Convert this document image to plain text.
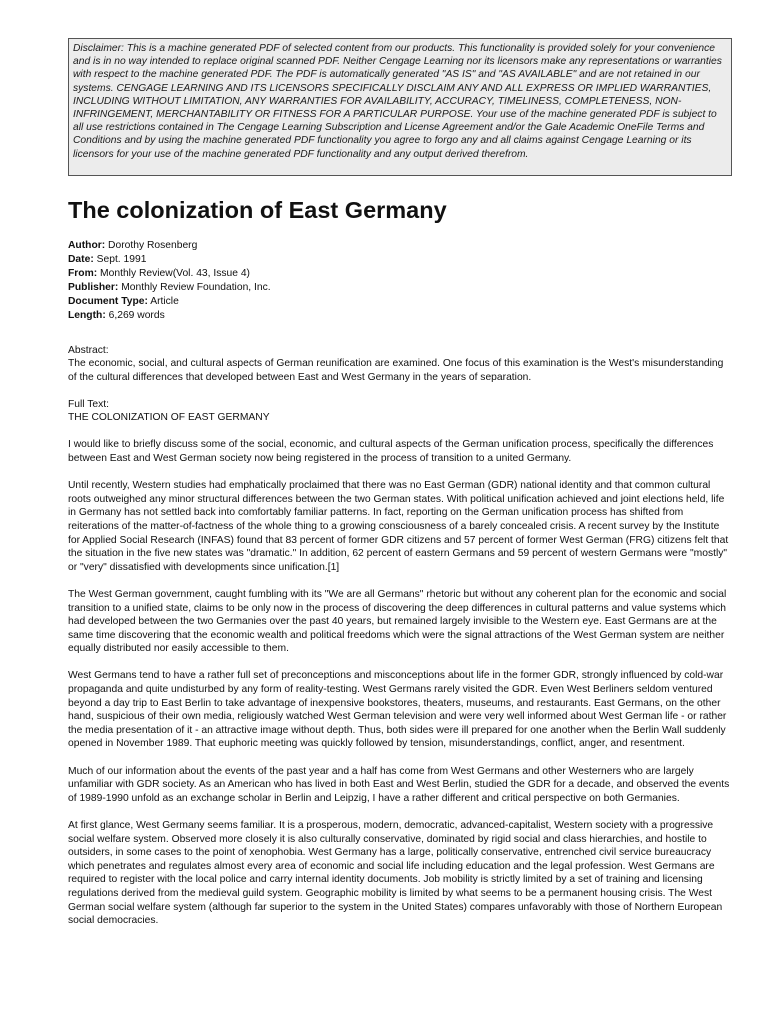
Disclaimer: This is a machine generated PDF of selected content from our products. This functionality is provided solely for your convenience and is in no way intended to replace original scanned PDF. Neither Cengage Learning nor its licensors make any representations or warranties with respect to the machine generated PDF. The PDF is automatically generated "AS IS" and "AS AVAILABLE" and are not retained in our systems. CENGAGE LEARNING AND ITS LICENSORS SPECIFICALLY DISCLAIM ANY AND ALL EXPRESS OR IMPLIED WARRANTIES, INCLUDING WITHOUT LIMITATION, ANY WARRANTIES FOR AVAILABILITY, ACCURACY, TIMELINESS, COMPLETENESS, NON-INFRINGEMENT, MERCHANTABILITY OR FITNESS FOR A PARTICULAR PURPOSE. Your use of the machine generated PDF is subject to all use restrictions contained in The Cengage Learning Subscription and License Agreement and/or the Gale Academic OneFile Terms and Conditions and by using the machine generated PDF functionality you agree to forgo any and all claims against Cengage Learning or its licensors for your use of the machine generated PDF functionality and any output derived therefrom.
The colonization of East Germany
Author: Dorothy Rosenberg
Date: Sept. 1991
From: Monthly Review(Vol. 43, Issue 4)
Publisher: Monthly Review Foundation, Inc.
Document Type: Article
Length: 6,269 words
Abstract:

The economic, social, and cultural aspects of German reunification are examined. One focus of this examination is the West's misunderstanding of the cultural differences that developed between East and West Germany in the years of separation.

Full Text:
THE COLONIZATION OF EAST GERMANY

I would like to briefly discuss some of the social, economic, and cultural aspects of the German unification process, specifically the differences between East and West German society now being registered in the process of transition to a united Germany.

Until recently, Western studies had emphatically proclaimed that there was no East German (GDR) national identity and that common cultural roots outweighed any minor structural differences between the two German states. With political unification achieved and joint elections held, life in Germany has not settled back into comfortably familiar patterns. In fact, reporting on the German unification process has shifted from reiterations of the matter-of-factness of the whole thing to a growing consciousness of a barely concealed crisis. A recent survey by the Institute for Applied Social Research (INFAS) found that 83 percent of former GDR citizens and 57 percent of former West German (FRG) citizens felt that the situation in the five new states was "dramatic." In addition, 62 percent of eastern Germans and 59 percent of western Germans were "mostly" or "very" dissatisfied with developments since unification.[1]

The West German government, caught fumbling with its "We are all Germans" rhetoric but without any coherent plan for the economic and social transition to a unified state, claims to be only now in the process of discovering the deep differences in cultural patterns and value systems which had developed between the two Germanies over the past 40 years, but remained largely invisible to the Western eye. East Germans are at the same time discovering that the economic wealth and political freedoms which were the signal attractions of the West German system are neither equally distributed nor easily accessible to them.

West Germans tend to have a rather full set of preconceptions and misconceptions about life in the former GDR, strongly influenced by cold-war propaganda and quite undisturbed by any form of reality-testing. West Germans rarely visited the GDR. Even West Berliners seldom ventured beyond a day trip to East Berlin to take advantage of inexpensive bookstores, theaters, museums, and restaurants. East Germans, on the other hand, suspicious of their own media, religiously watched West German television and were very well informed about West German life - or rather the media presentation of it - an attractive image without depth. Thus, both sides were ill prepared for one another when the Berlin Wall suddenly opened in November 1989. That euphoric meeting was quickly followed by tension, misunderstandings, conflict, anger, and resentment.

Much of our information about the events of the past year and a half has come from West Germans and other Westerners who are largely unfamiliar with GDR society. As an American who has lived in both East and West Berlin, studied the GDR for a decade, and observed the events of 1989-1990 unfold as an exchange scholar in Berlin and Leipzig, I have a rather different and critical perspective on both Germanies.

At first glance, West Germany seems familiar. It is a prosperous, modern, democratic, advanced-capitalist, Western society with a progressive social welfare system. Observed more closely it is also culturally conservative, dominated by rigid social and class hierarchies, and hostile to outsiders, in some cases to the point of xenophobia. West Germany has a large, politically conservative, entrenched civil service bureaucracy which penetrates and regulates almost every area of economic and social life including education and the legal profession. West Germans are required to register with the local police and carry internal identity documents. Job mobility is strictly limited by a set of training and licensing regulations derived from the medieval guild system. Geographic mobility is limited by what seems to be a permanent housing crisis. The West German social welfare system (although far superior to the system in the United States) compares unfavorably with those of Northern European social democracies.
